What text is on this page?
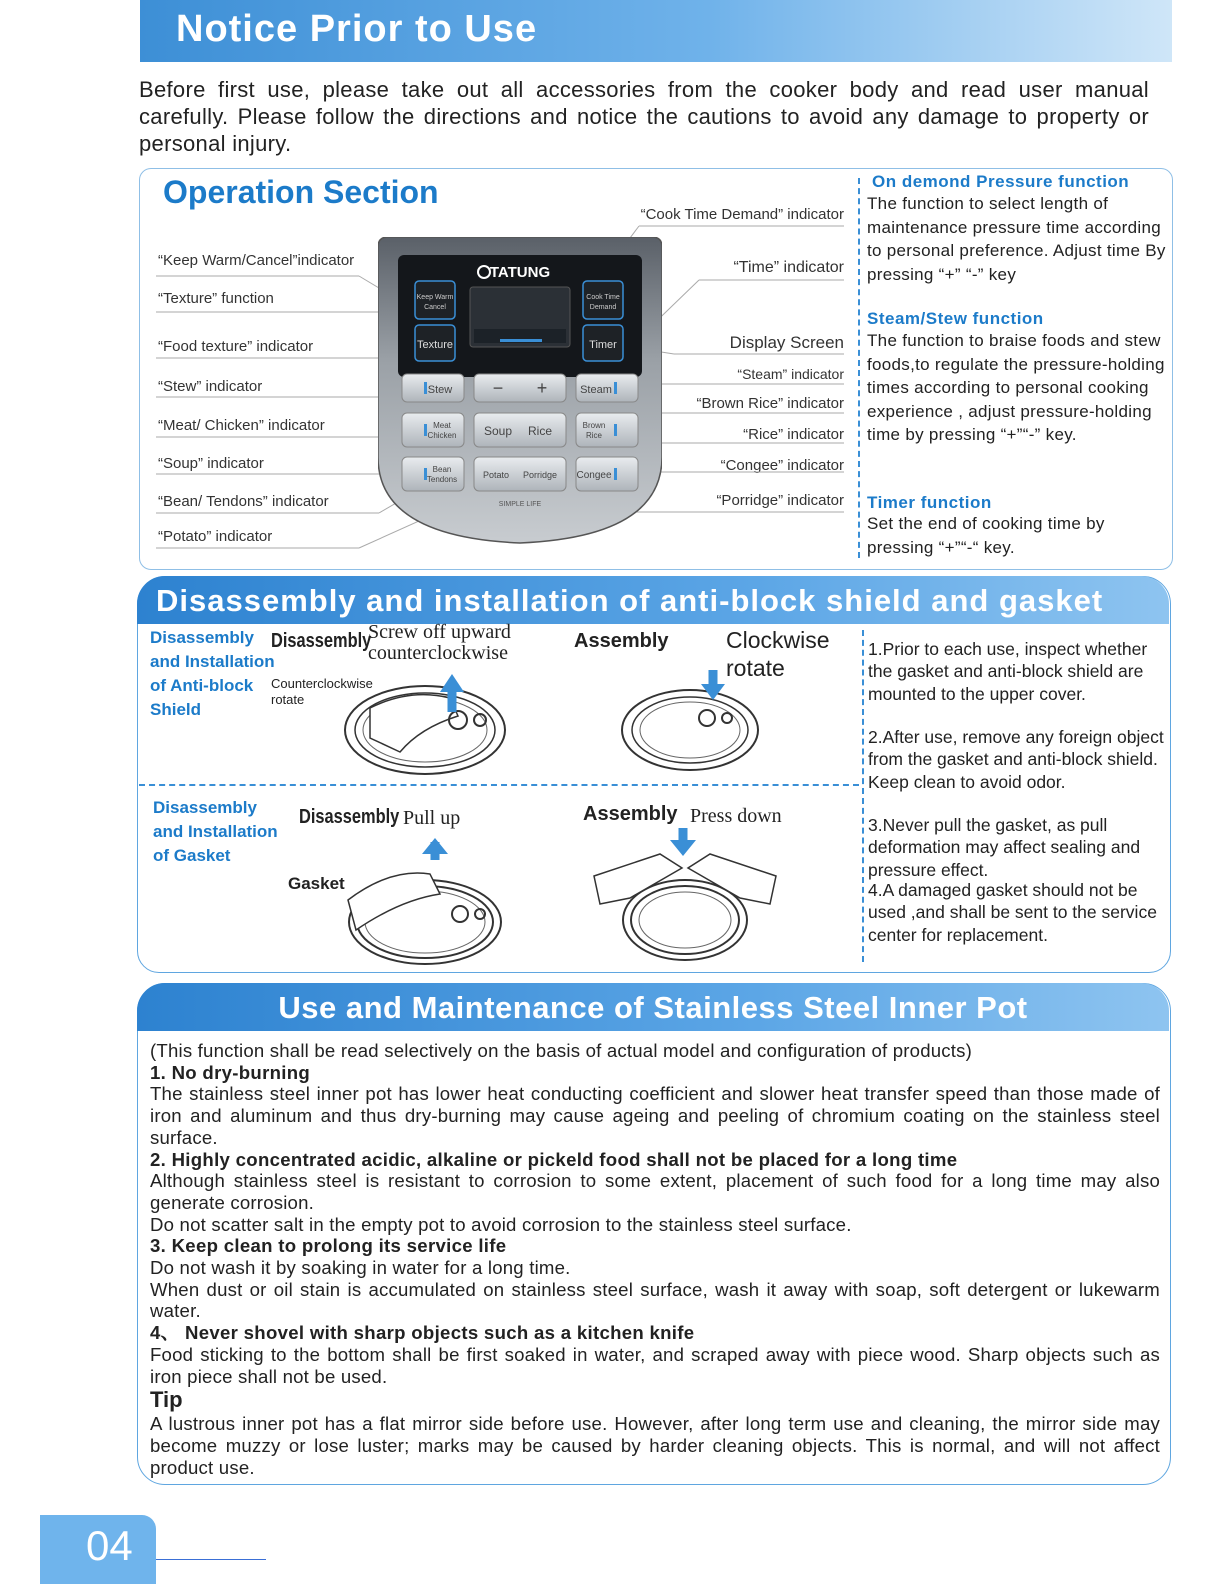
Notice Prior to Use
Before first use, please take out all accessories from the cooker body and read user manual carefully. Please follow the directions and notice the cautions to avoid any damage to property or personal injury.
Operation Section
“Keep Warm/Cancel”indicator
“Texture” function
“Food texture” indicator
“Stew” indicator
“Meat/ Chicken” indicator
“Soup” indicator
“Bean/ Tendons” indicator
“Potato” indicator
“Cook Time Demand” indicator
“Time” indicator
Display Screen
“Steam” indicator
“Brown Rice” indicator
“Rice” indicator
“Congee” indicator
“Porridge” indicator
TATUNG
Keep Warm
Cancel
Cook Time
Demand
Texture	Timer
Stew − +	Steam
Meat
Chicken Soup Rice	Brown
Rice
Bean
Tendons	Potato Porridge Congee
SIMPLE LIFE
On demond Pressure function
The function to select length of maintenance pressure time according to personal preference. Adjust time By pressing “+” “-” key
Steam/Stew function
The function to braise foods and stew foods,to regulate the pressure-holding times according to personal cooking experience , adjust pressure-holding time by pressing “+”“-” key.
Timer function
Set the end of cooking time by pressing “+”“-“ key.
Disassembly and installation of anti-block shield and gasket
Disassembly and Installation of Anti-block Shield
Disassembly
Screw off upward counterclockwise
Counterclockwise rotate
Assembly	Clockwise rotate
Disassembly and Installation of Gasket
Disassembly Pull up
Gasket
Assembly Press down
1.Prior to each use, inspect whether the gasket and anti-block shield are mounted to the upper cover.
2.After use, remove any foreign object from the gasket and anti-block shield. Keep clean to avoid odor.
3.Never pull the gasket, as pull deformation may affect sealing and pressure effect.
4.A damaged gasket should not be used ,and shall be sent to the service center for replacement.
Use and Maintenance of Stainless Steel Inner Pot

(This function shall be read selectively on the basis of actual model and configuration of products)

1. No dry-burning

The stainless steel inner pot has lower heat conducting coefficient and slower heat transfer speed than those made of iron and aluminum and thus dry-burning may cause ageing and peeling of chromium coating on the stainless steel surface.

2. Highly concentrated acidic, alkaline or pickeld food shall not be placed for a long time

Although stainless steel is resistant to corrosion to some extent, placement of such food for a long time may also generate corrosion.

Do not scatter salt in the empty pot to avoid corrosion to the stainless steel surface.

3. Keep clean to prolong its service life

Do not wash it by soaking in water for a long time.

When dust or oil stain is accumulated on stainless steel surface, wash it away with soap, soft detergent or lukewarm water.

4、 Never shovel with sharp objects such as a kitchen knife

Food sticking to the bottom shall be first soaked in water, and scraped away with piece wood. Sharp objects such as iron piece shall not be used.

Tip

A lustrous inner pot has a flat mirror side before use. However, after long term use and cleaning, the mirror side may become muzzy or lose luster; marks may be caused by harder cleaning objects. This is normal, and will not affect product use.

04
